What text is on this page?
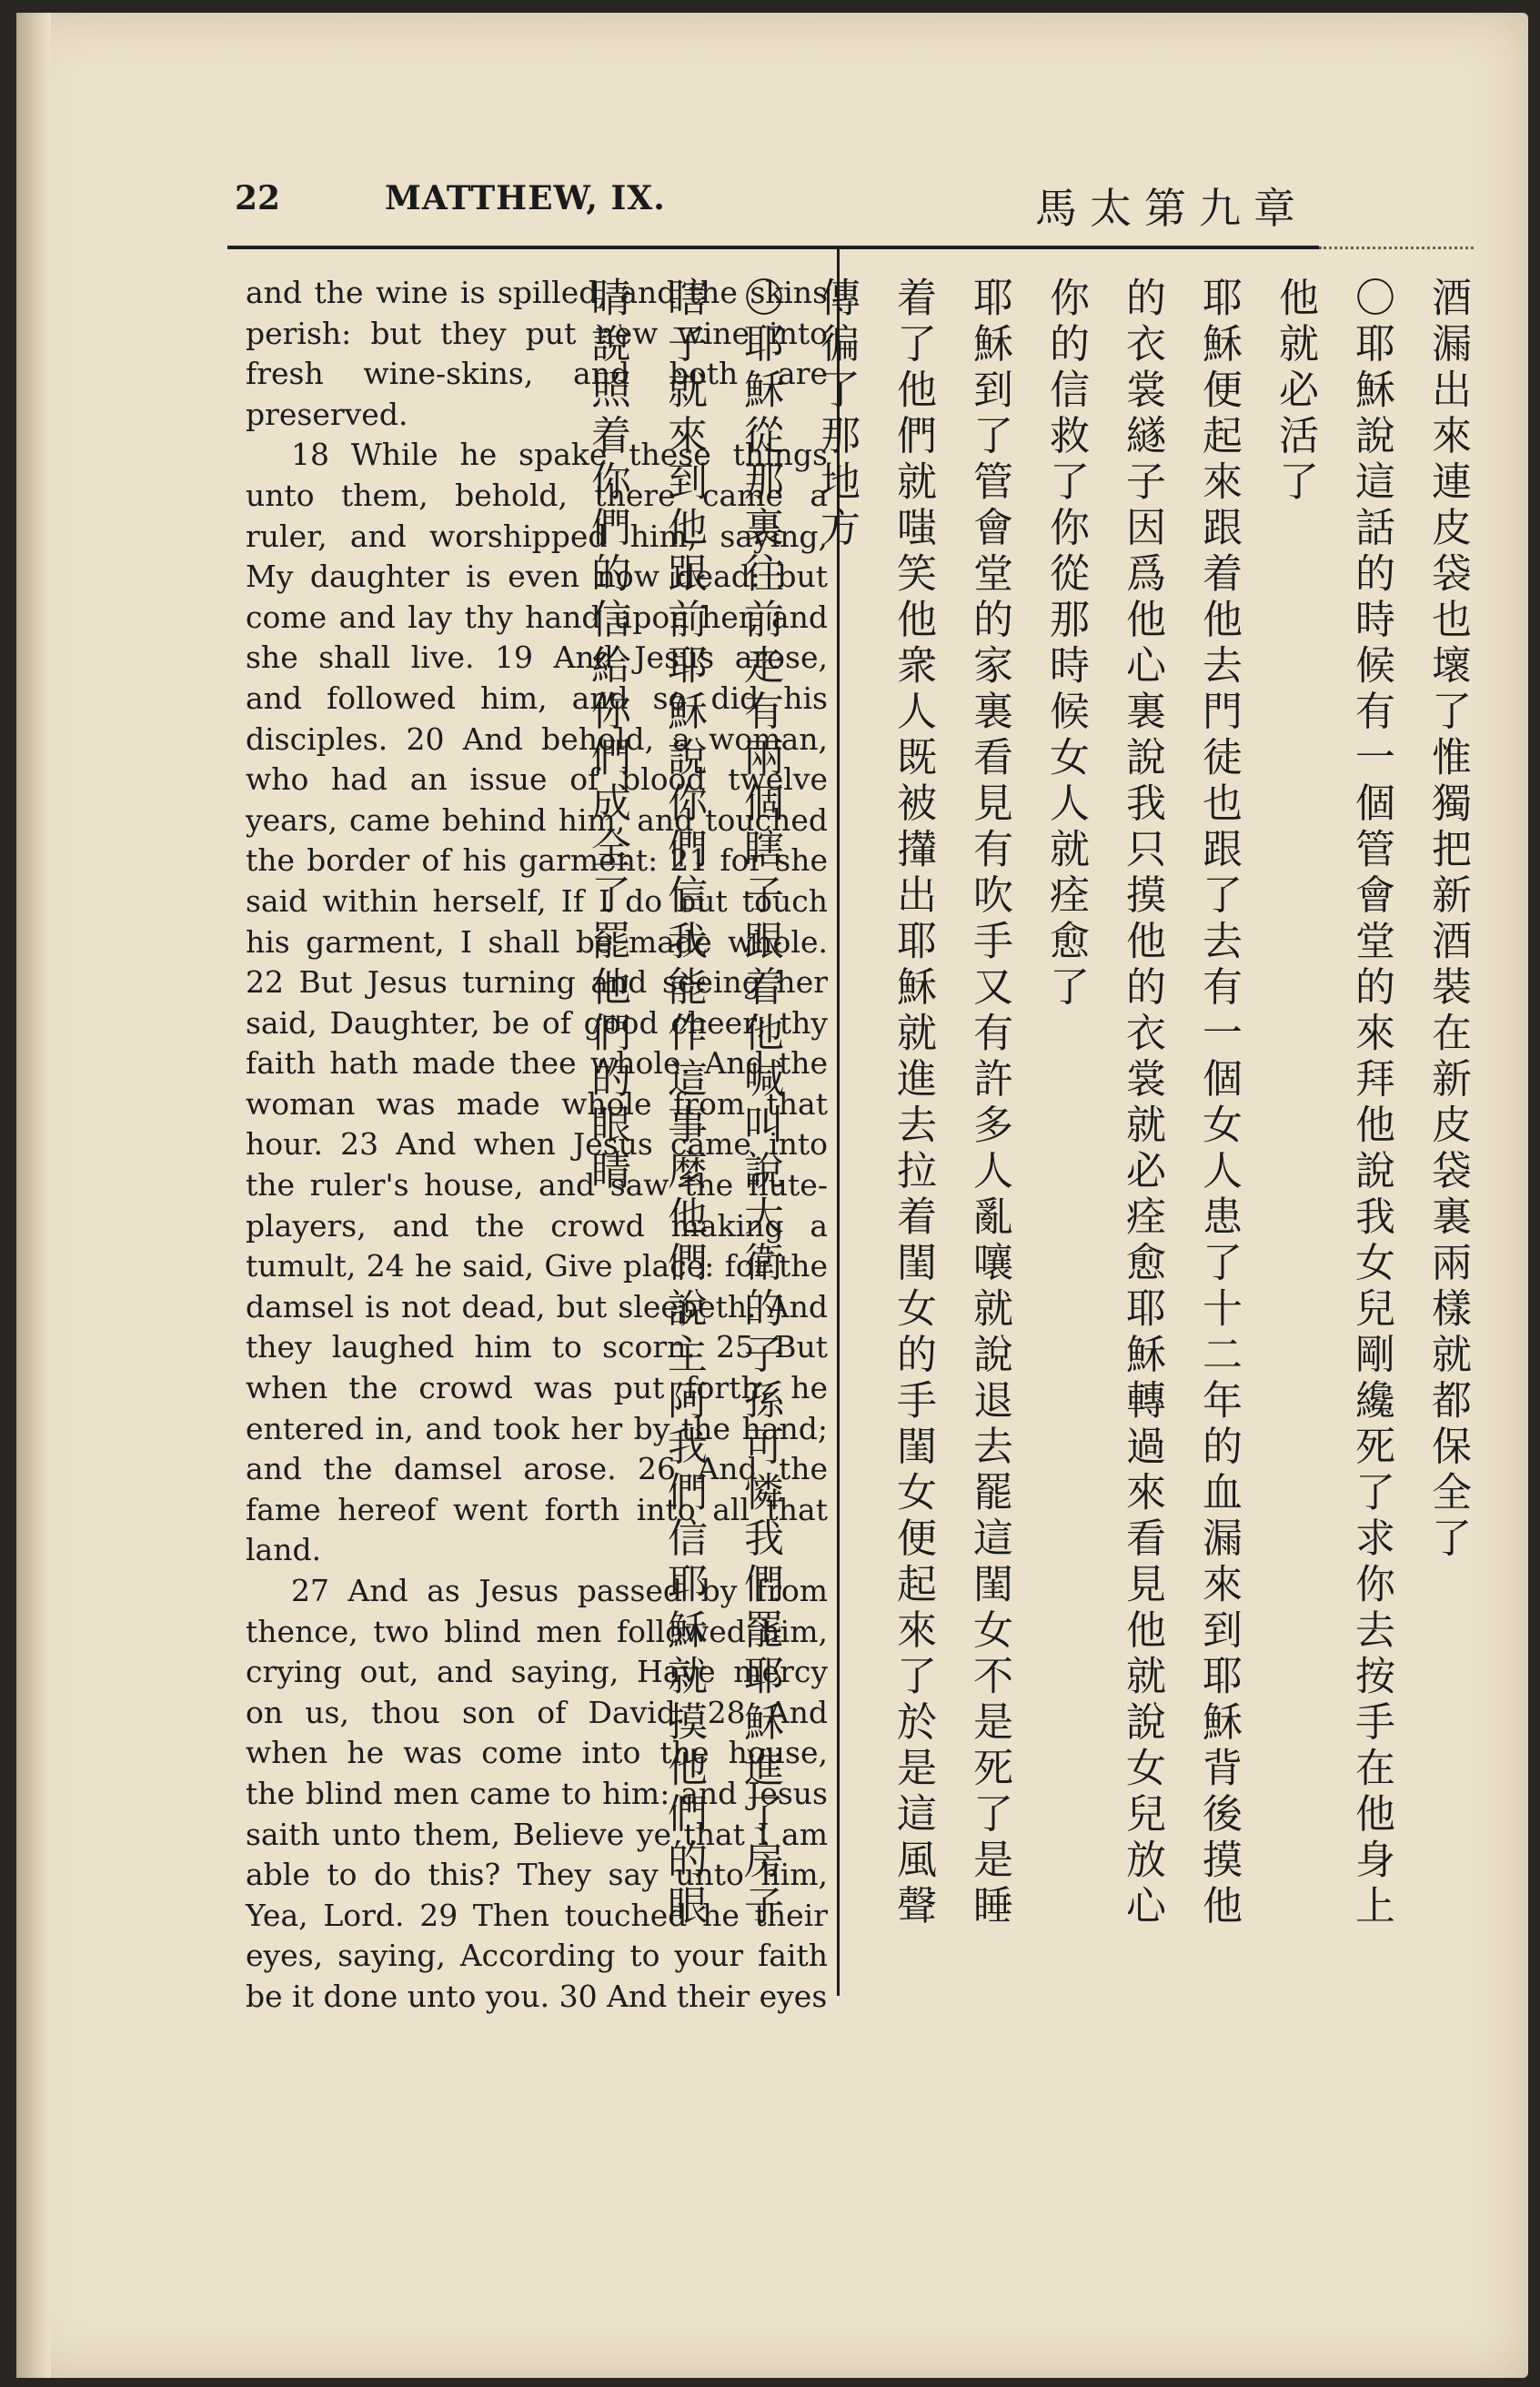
22	MATTHEW, IX.	馬太第九章

and the wine is spilled, and the skins perish: but they put new wine into fresh wine-skins, and both are preserved.

18 While he spake these things unto them, behold, there came a ruler, and worshipped him, saying, My daughter is even now dead: but come and lay thy hand upon her, and she shall live. 19 And Jesus arose, and followed him, and so did his disciples. 20 And behold, a woman, who had an issue of blood twelve years, came behind him, and touched the border of his garment: 21 for she said within herself, If I do but touch his garment, I shall be made whole. 22 But Jesus turning and seeing her said, Daughter, be of good cheer; thy faith hath made thee whole. And the woman was made whole from that hour. 23 And when Jesus came into the ruler's house, and saw the flute-players, and the crowd making a tumult, 24 he said, Give place: for the damsel is not dead, but sleepeth. And they laughed him to scorn. 25 But when the crowd was put forth, he entered in, and took her by the hand; and the damsel arose. 26 And the fame hereof went forth into all that land.

27 And as Jesus passed by from thence, two blind men followed him, crying out, and saying, Have mercy on us, thou son of David. 28 And when he was come into the house, the blind men came to him: and Jesus saith unto them, Believe ye that I am able to do this? They say unto him, Yea, Lord. 29 Then touched he their eyes, saying, According to your faith be it done unto you. 30 And their eyes

酒漏出來連皮袋也壞了惟獨把新酒裝在新皮袋裏兩樣就都保全了

〇耶穌說這話的時候有一個管會堂的來拜他說我女兒剛纔死了求你去按手在他身上他就必活了

耶穌便起來跟着他去門徒也跟了去有一個女人患了十二年的血漏來到耶穌背後摸他的衣裳繸子因爲他心裏說我只摸他的衣裳就必痊愈耶穌轉過來看見他就說女兒放心你的信救了你從那時候女人就痊愈了

耶穌到了管會堂的家裏看見有吹手又有許多人亂嚷就說退去罷這閨女不是死了是睡着了他們就嗤笑他衆人既被攆出耶穌就進去拉着閨女的手閨女便起來了於是這風聲傳徧了那地方

〇耶穌從那裏往前走有兩個瞎子跟着他喊叫說大衛的子孫可憐我們罷耶穌進了房子瞎子就來到他跟前耶穌說你們信我能作這事麼他們說主阿我們信耶穌就摸他們的眼睛說照着你們的信給你們成全了罷他們的眼睛
